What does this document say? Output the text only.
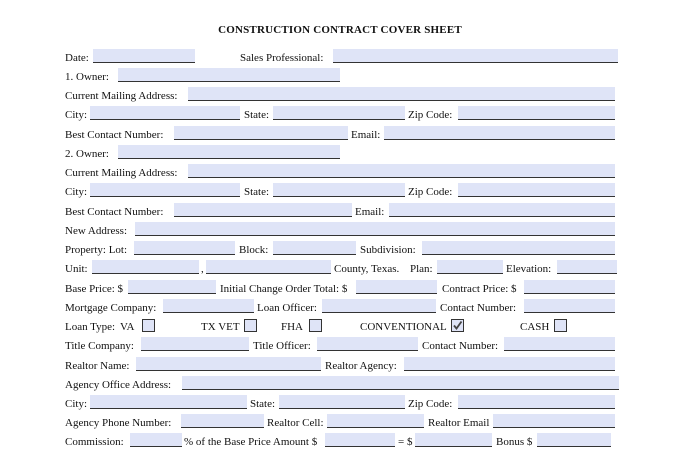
CONSTRUCTION CONTRACT COVER SHEET
Date:	Sales Professional:
1. Owner:
Current Mailing Address:
City:	State:	Zip Code:
Best Contact Number:	Email:
2. Owner:
Current Mailing Address:
City:	State:	Zip Code:
Best Contact Number:	Email:
New Address:
Property: Lot:	Block:	Subdivision:
Unit:	,	County, Texas. Plan:	Elevation:
Base Price: $	Initial Change Order Total: $	Contract Price: $
Mortgage Company:	Loan Officer:	Contact Number:
Loan Type: VA	TX VET	FHA	CONVENTIONAL	CASH
Title Company:	Title Officer:	Contact Number:
Realtor Name:	Realtor Agency:
Agency Office Address:
City:	State:	Zip Code:
Agency Phone Number:	Realtor Cell:	Realtor Email
Commission:	% of the Base Price Amount $	= $	Bonus $
